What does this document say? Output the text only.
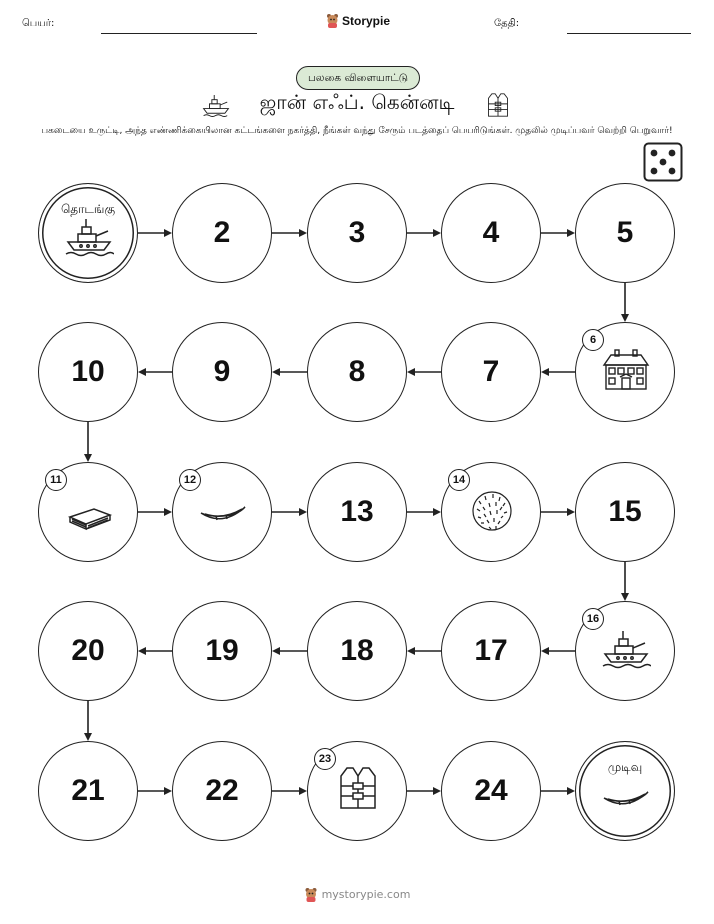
பெயர்:	Storypie	தேதி:
பலகை விளையாட்டு
ஜான் எஃப். கென்னடி
பகடையை உருட்டி, அந்த எண்ணிக்கையிலான கட்டங்களை நகர்த்தி, நீங்கள் வந்து சேரும் படத்தைப் பெயரிடுங்கள். முதலில் முடிப்பவர் வெற்றி பெறுவார்!
தொடங்கு
2	3	4	5
6
7
8
9
10
11	12
13
14
15
16
17
18
19
20
21	22
23
24
முடிவு
mystorypie.com
